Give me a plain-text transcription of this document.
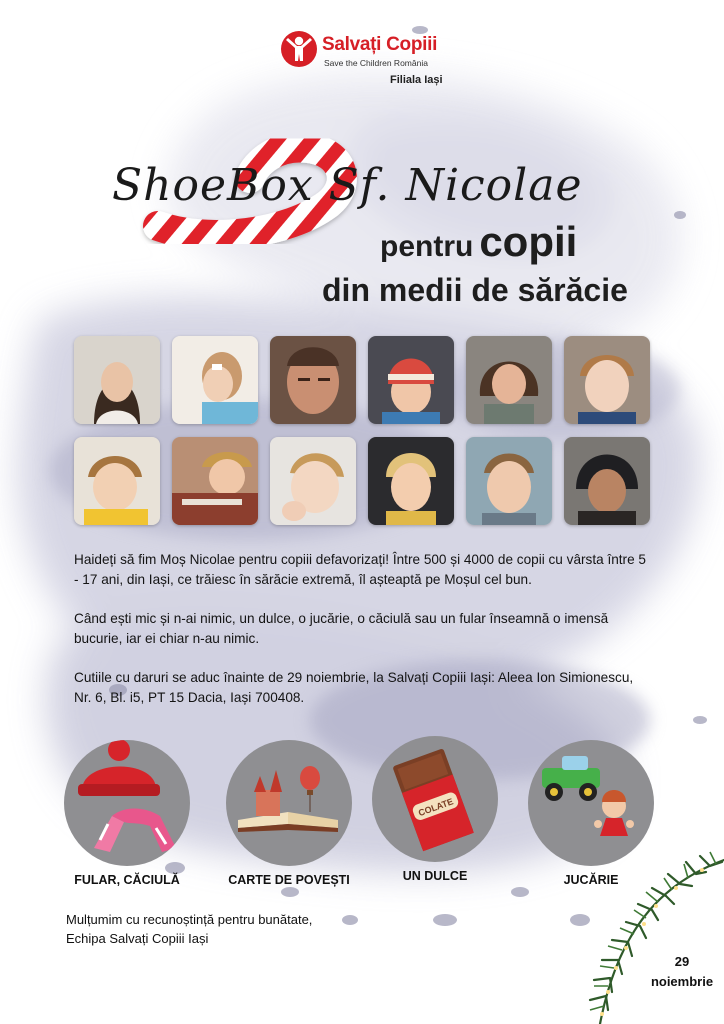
Salvați Copiii
Save the Children România
Filiala Iași
ShoeBox Sf. Nicolae
pentru copii
din medii de sărăcie

Haideți să fim Moș Nicolae pentru copiii defavorizați! Între 500 și 4000 de copii cu vârsta între 5 - 17 ani, din Iași, ce trăiesc în sărăcie extremă, îl așteaptă pe Moșul cel bun.

Când ești mic și n-ai nimic, un dulce, o jucărie, o căciulă sau un fular înseamnă o imensă bucurie, iar ei chiar n-au nimic.

Cutiile cu daruri se aduc înainte de 29 noiembrie, la Salvați Copiii Iași: Aleea Ion Simionescu, Nr. 6, Bl. i5, PT 15 Dacia, Iași 700408.

FULAR, CĂCIULĂ	CARTE DE POVEȘTI
COLATE
UN DULCE	JUCĂRIE
Mulțumim cu recunoștință pentru bunătate,
Echipa Salvați Copiii Iași
29
noiembrie
